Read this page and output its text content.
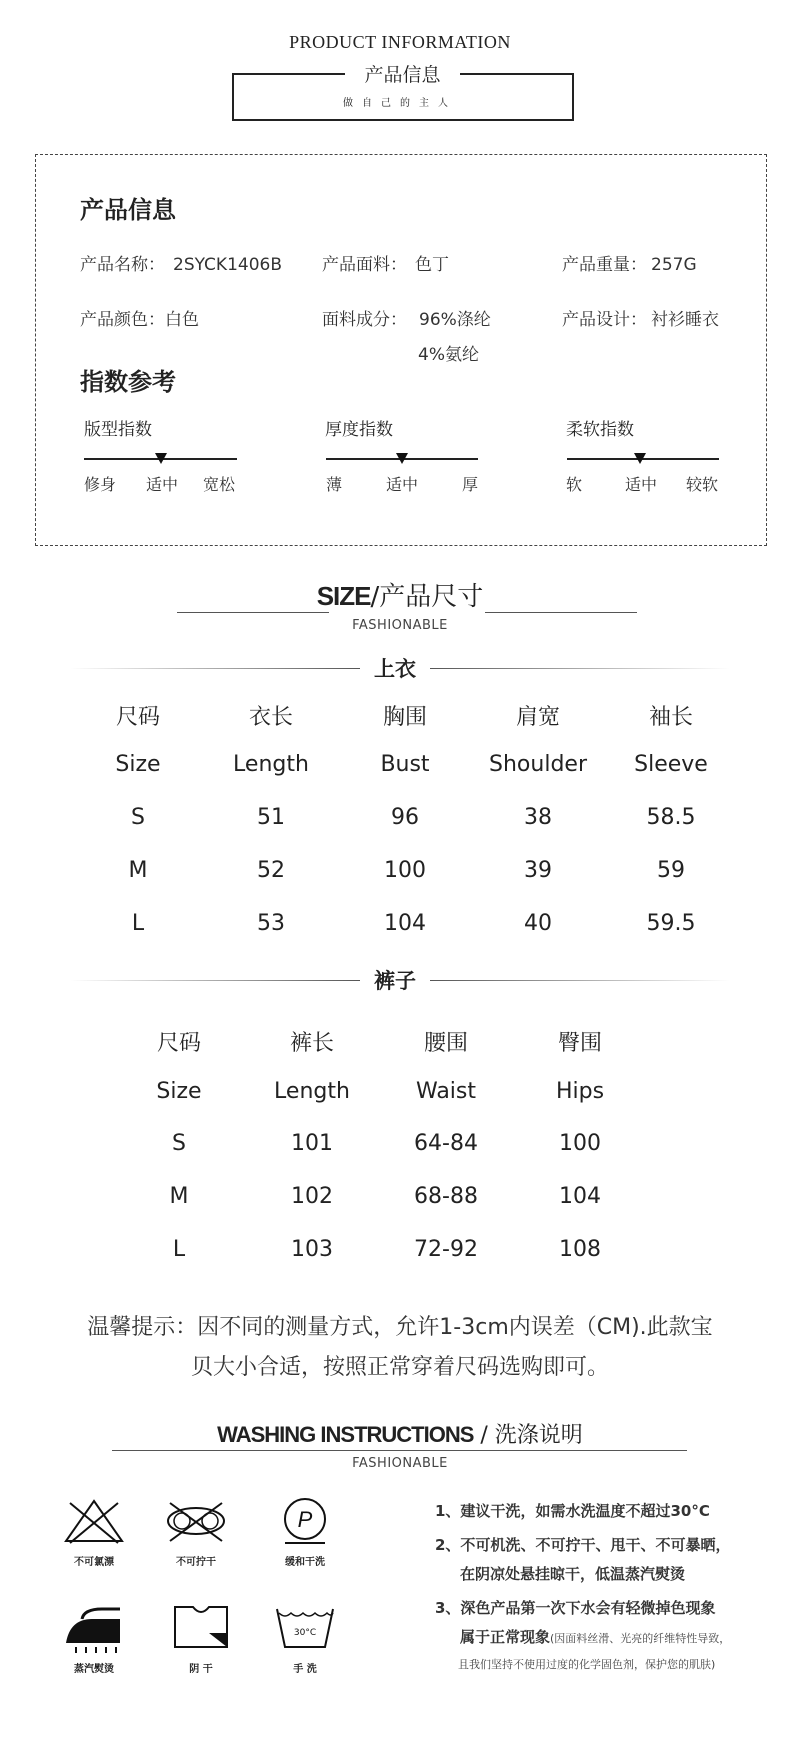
PRODUCT INFORMATION
产品信息
做自己的主人
产品信息
产品名称： 2SYCK1406B 产品面料： 色丁	产品重量： 257G
产品颜色：白色	面料成分： 96%涤纶
4%氨纶
产品设计： 衬衫睡衣
指数参考
版型指数
修身 适中 宽松
厚度指数
薄	适中	厚
柔软指数
软	适中 较软
SIZE/产品尺寸
FASHIONABLE
上衣
尺码	衣长	胸围	肩宽	袖长
Size	Length	Bust	Shoulder	Sleeve
S	51	96	38	58.5
M	52	100	39	59
L	53	104	40	59.5
裤子
尺码	裤长	腰围	臀围
Size	Length	Waist	Hips
S	101	64-84	100
M	102	68-88	104
L	103	72-92	108
温馨提示：因不同的测量方式，允许1-3cm内误差（CM).此款宝
贝大小合适，按照正常穿着尺码选购即可。
WASHING INSTRUCTIONS / 洗涤说明
FASHIONABLE
不可氯漂	不可拧干
P
缓和干洗
蒸汽熨烫	阴 干
30°C
手 洗
1、建议干洗，如需水洗温度不超过30°C
2、不可机洗、不可拧干、甩干、不可暴晒，
在阴凉处悬挂晾干，低温蒸汽熨烫
3、深色产品第一次下水会有轻微掉色现象
属于正常现象(因面料丝滑、光亮的纤维特性导致，
且我们坚持不使用过度的化学固色剂，保护您的肌肤)
